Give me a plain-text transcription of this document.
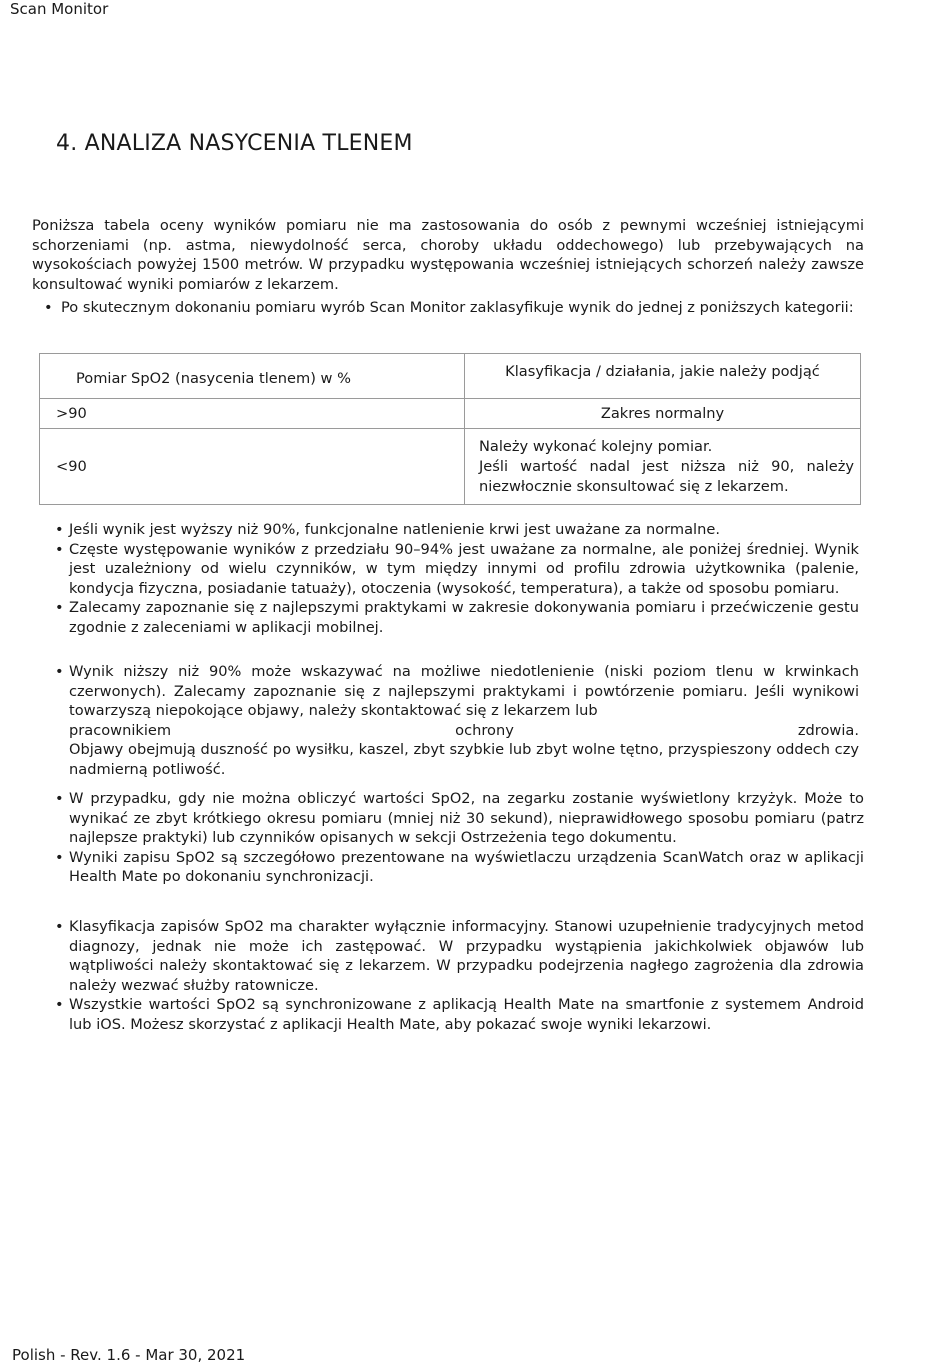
Scan Monitor
4. ANALIZA NASYCENIA TLENEM

Poniższa tabela oceny wyników pomiaru nie ma zastosowania do osób z pewnymi wcześniej istniejącymi schorzeniami (np. astma, niewydolność serca, choroby układu oddechowego) lub przebywających na wysokościach powyżej 1500 metrów. W przypadku występowania wcześniej istniejących schorzeń należy zawsze konsultować wyniki pomiarów z lekarzem.

• Po skutecznym dokonaniu pomiaru wyrób Scan Monitor zaklasyfikuje wynik do jednej z poniższych kategorii:
Pomiar SpO2 (nasycenia tlenem) w %	Klasyfikacja / działania, jakie należy podjąć
>90	Zakres normalny
<90	Należy wykonać kolejny pomiar.
Jeśli wartość nadal jest niższa niż 90, należy niezwłocznie skonsultować się z lekarzem.
• Jeśli wynik jest wyższy niż 90%, funkcjonalne natlenienie krwi jest uważane za normalne.
• Częste występowanie wyników z przedziału 90–94% jest uważane za normalne, ale poniżej średniej. Wynik jest uzależniony od wielu czynników, w tym między innymi od profilu zdrowia użytkownika (palenie, kondycja fizyczna, posiadanie tatuaży), otoczenia (wysokość, temperatura), a także od sposobu pomiaru.
• Zalecamy zapoznanie się z najlepszymi praktykami w zakresie dokonywania pomiaru i przećwiczenie gestu zgodnie z zaleceniami w aplikacji mobilnej.
• Wynik niższy niż 90% może wskazywać na możliwe niedotlenienie (niski poziom tlenu w krwinkach czerwonych). Zalecamy zapoznanie się z najlepszymi praktykami i powtórzenie pomiaru. Jeśli wynikowi towarzyszą niepokojące objawy, należy skontaktować się z lekarzem lub
pracownikiem ochrony zdrowia.
Objawy obejmują duszność po wysiłku, kaszel, zbyt szybkie lub zbyt wolne tętno, przyspieszony oddech czy nadmierną potliwość.
• W przypadku, gdy nie można obliczyć wartości SpO2, na zegarku zostanie wyświetlony krzyżyk. Może to wynikać ze zbyt krótkiego okresu pomiaru (mniej niż 30 sekund), nieprawidłowego sposobu pomiaru (patrz najlepsze praktyki) lub czynników opisanych w sekcji Ostrzeżenia tego dokumentu.
• Wyniki zapisu SpO2 są szczegółowo prezentowane na wyświetlaczu urządzenia ScanWatch oraz w aplikacji Health Mate po dokonaniu synchronizacji.
• Klasyfikacja zapisów SpO2 ma charakter wyłącznie informacyjny. Stanowi uzupełnienie tradycyjnych metod diagnozy, jednak nie może ich zastępować. W przypadku wystąpienia jakichkolwiek objawów lub wątpliwości należy skontaktować się z lekarzem. W przypadku podejrzenia nagłego zagrożenia dla zdrowia należy wezwać służby ratownicze.
• Wszystkie wartości SpO2 są synchronizowane z aplikacją Health Mate na smartfonie z systemem Android lub iOS. Możesz skorzystać z aplikacji Health Mate, aby pokazać swoje wyniki lekarzowi.
Polish - Rev. 1.6 - Mar 30, 2021
